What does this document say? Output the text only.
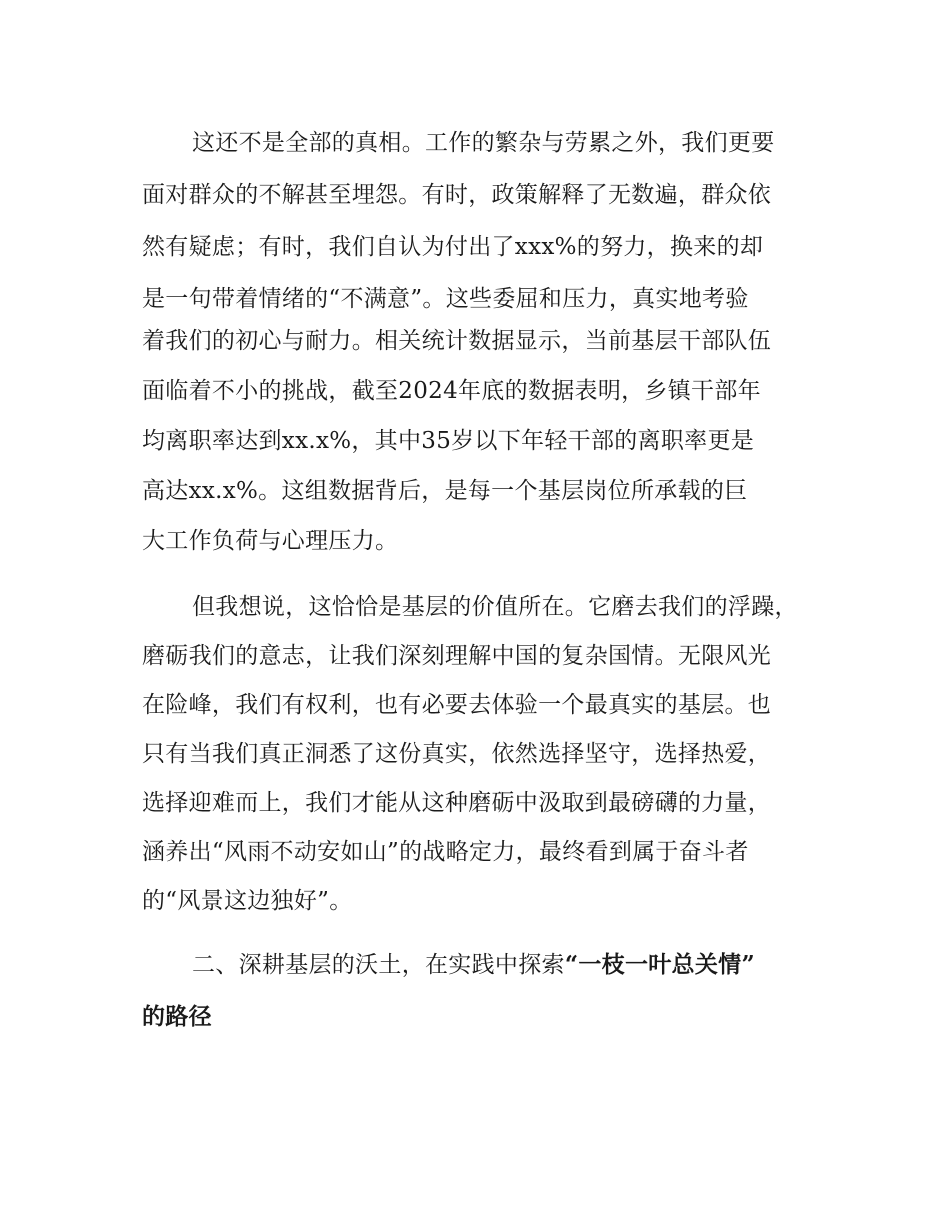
这还不是全部的真相。工作的繁杂与劳累之外，我们更要

面对群众的不解甚至埋怨。有时，政策解释了无数遍，群众依

然有疑虑；有时，我们自认为付出了xxx%的努力，换来的却

是一句带着情绪的“不满意”。这些委屈和压力，真实地考验

着我们的初心与耐力。相关统计数据显示，当前基层干部队伍

面临着不小的挑战，截至2024年底的数据表明，乡镇干部年

均离职率达到xx.x%，其中35岁以下年轻干部的离职率更是

高达xx.x%。这组数据背后，是每一个基层岗位所承载的巨

大工作负荷与心理压力。

但我想说，这恰恰是基层的价值所在。它磨去我们的浮躁，

磨砺我们的意志，让我们深刻理解中国的复杂国情。无限风光

在险峰，我们有权利，也有必要去体验一个最真实的基层。也

只有当我们真正洞悉了这份真实，依然选择坚守，选择热爱，

选择迎难而上，我们才能从这种磨砺中汲取到最磅礴的力量，

涵养出“风雨不动安如山”的战略定力，最终看到属于奋斗者

的“风景这边独好”。

二、深耕基层的沃土，在实践中探索“一枝一叶总关情”

的路径
